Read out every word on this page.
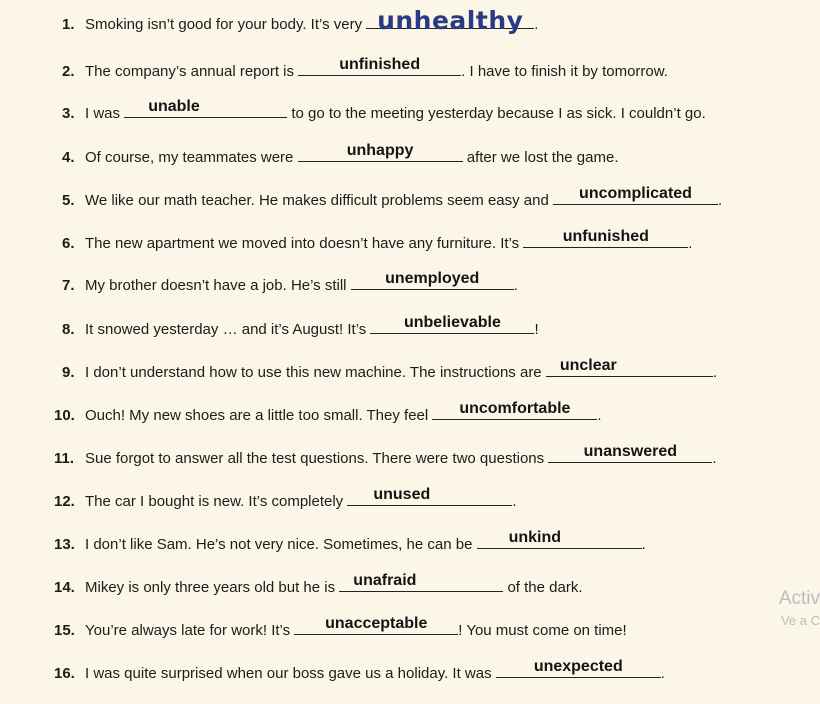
1. Smoking isn’t good for your body. It’s very unhealthy .
2. The company’s annual report is	unfinished	. I have to finish it by tomorrow.
3. I was	unable	to go to the meeting yesterday because I as sick. I couldn’t go.
4. Of course, my teammates were	unhappy	after we lost the game.
5. We like our math teacher. He makes difficult problems seem easy and	uncomplicated	.
6. The new apartment we moved into doesn’t have any furniture. It’s	unfunished	.
7. My brother doesn’t have a job. He’s still	unemployed	.
8. It snowed yesterday … and it’s August! It’s	unbelievable	!
9. I don’t understand how to use this new machine. The instructions are unclear	.
10. Ouch! My new shoes are a little too small. They feel	uncomfortable	.
11. Sue forgot to answer all the test questions. There were two questions	unanswered	.
12. The car I bought is new. It’s completely	unused	.
13. I don’t like Sam. He’s not very nice. Sometimes, he can be	unkind	.
14. Mikey is only three years old but he is unafraid	of the dark.
15. You’re always late for work! It’s	unacceptable	! You must come on time!
16. I was quite surprised when our boss gave us a holiday. It was	unexpected	.
Activ
Ve a C
